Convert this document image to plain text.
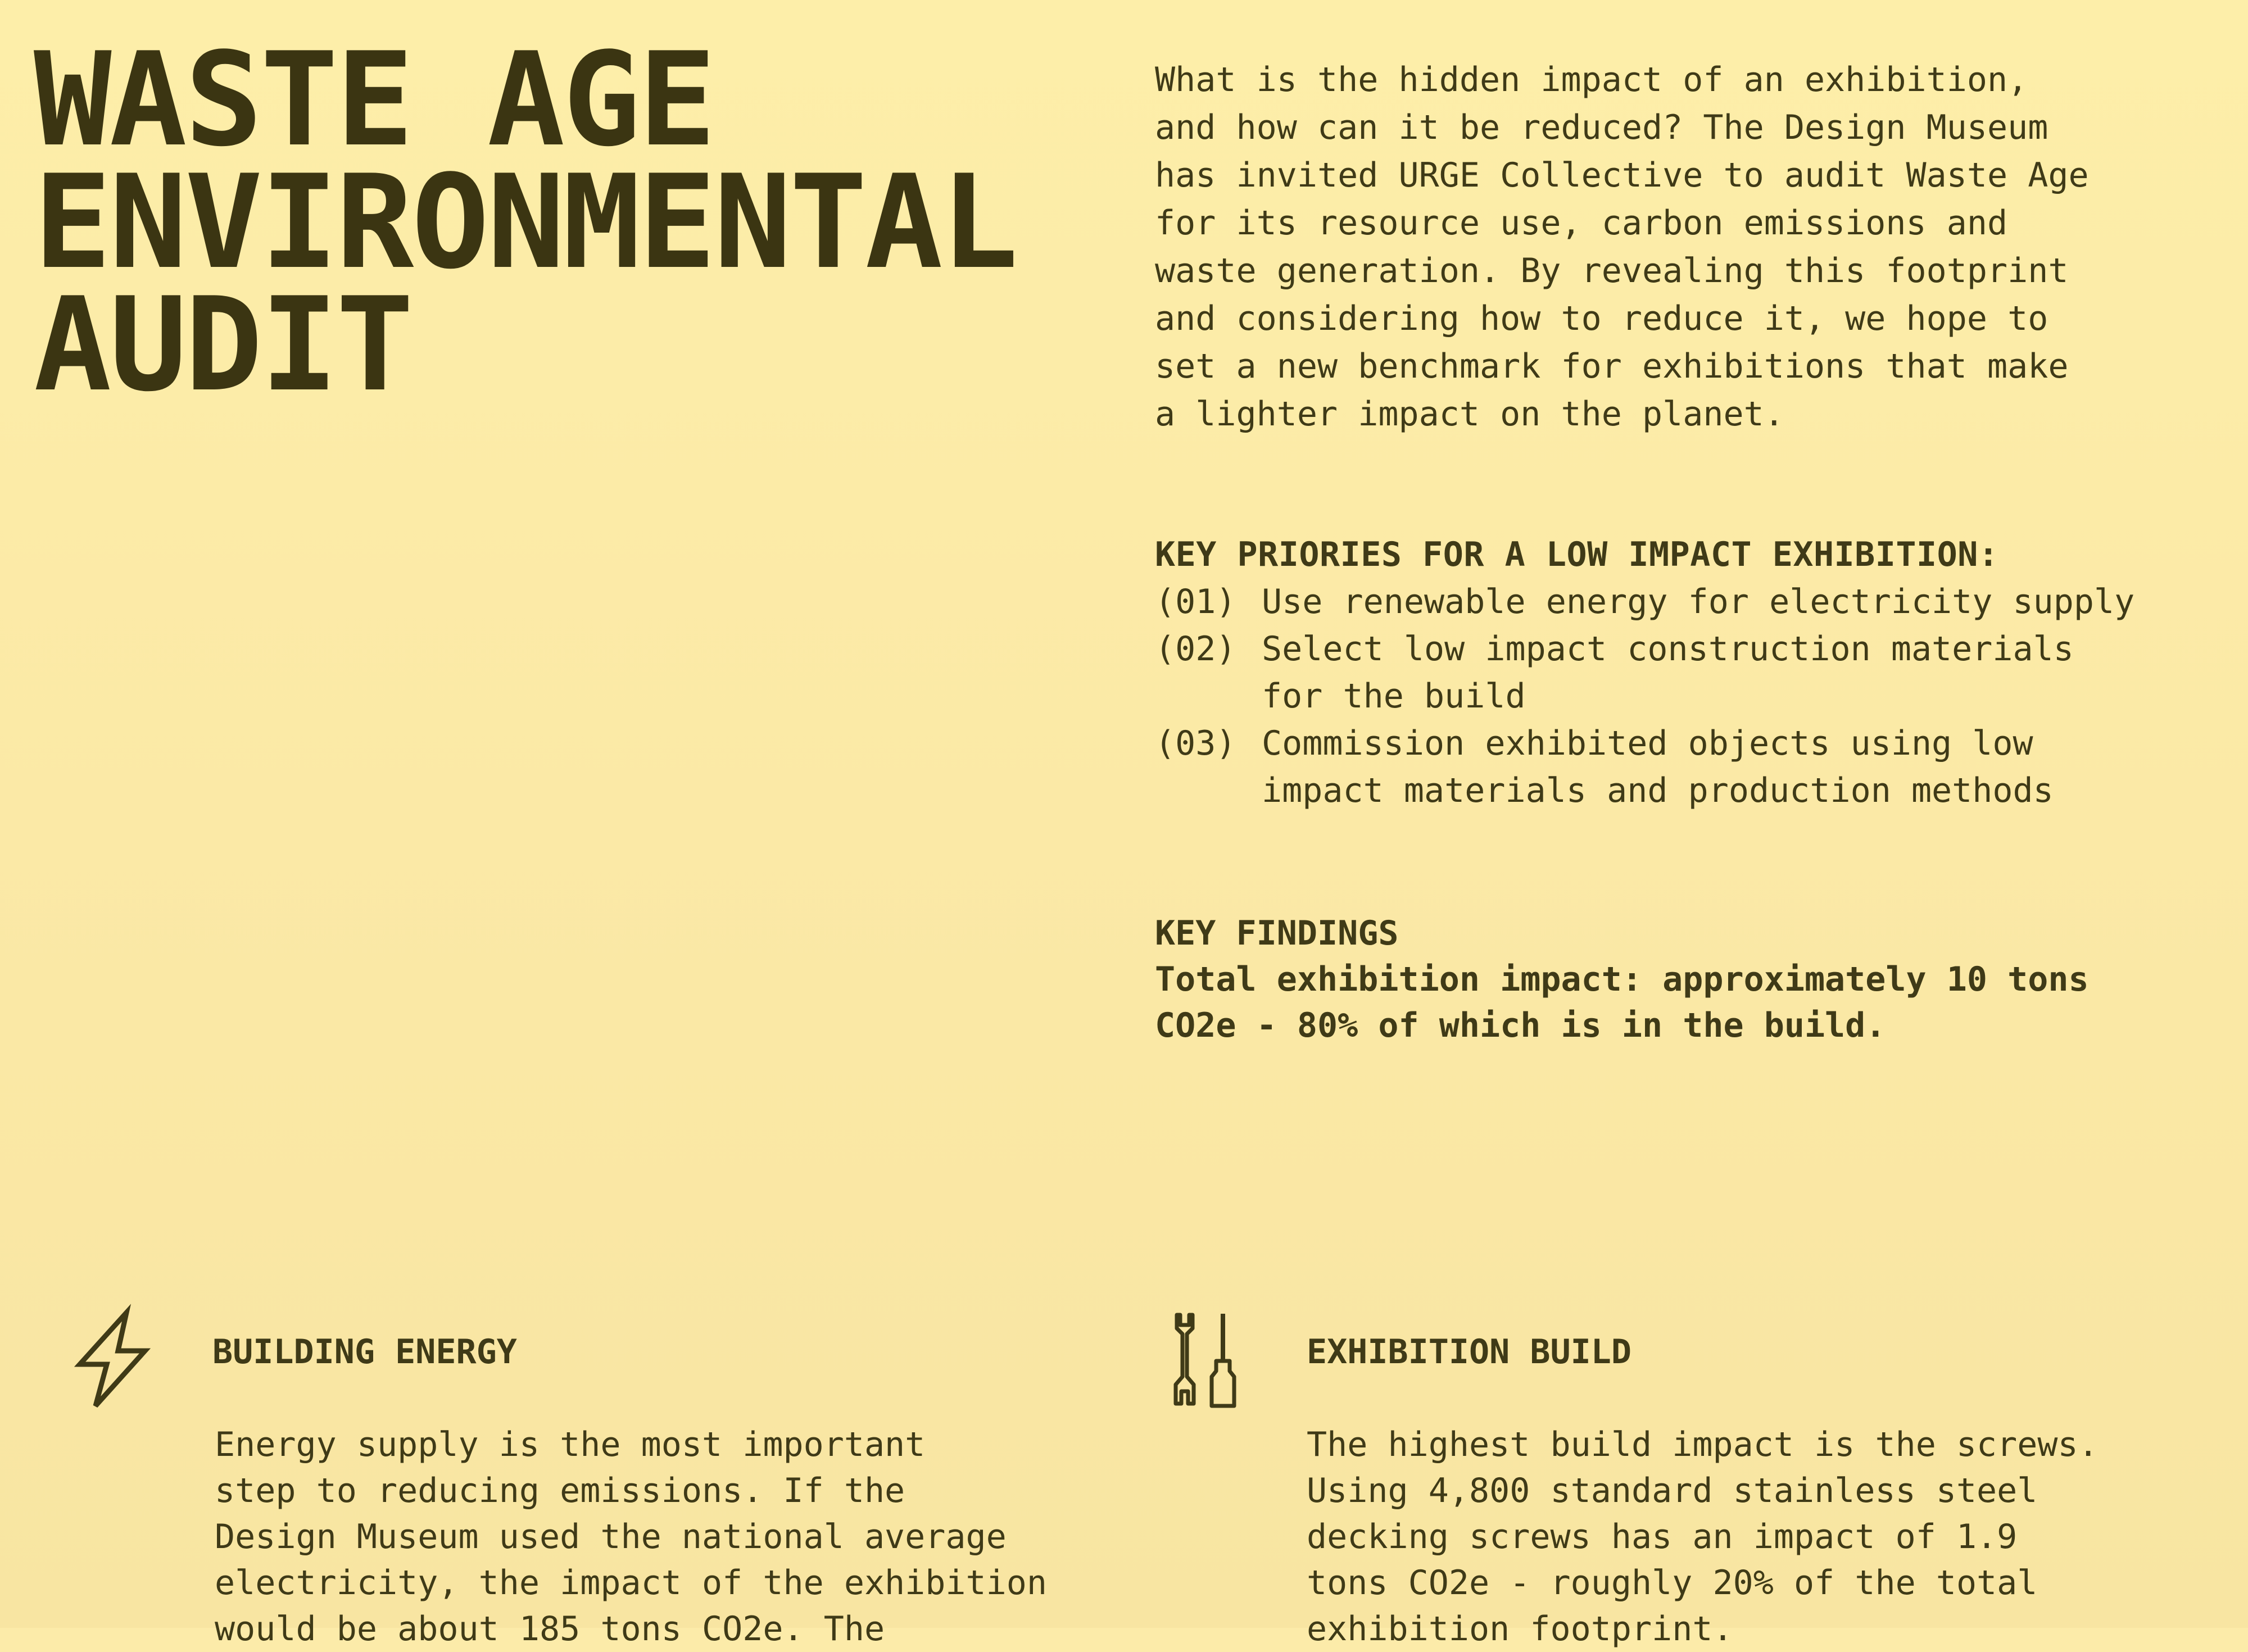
WASTE AGE
ENVIRONMENTAL
AUDIT

What is the hidden impact of an exhibition,
and how can it be reduced? The Design Museum
has invited URGE Collective to audit Waste Age
for its resource use, carbon emissions and
waste generation. By revealing this footprint
and considering how to reduce it, we hope to
set a new benchmark for exhibitions that make
a lighter impact on the planet.

KEY PRIORIES FOR A LOW IMPACT EXHIBITION:
(01) Use renewable energy for electricity supply
(02) Select low impact construction materials
for the build
(03) Commission exhibited objects using low
impact materials and production methods
KEY FINDINGS

Total exhibition impact: approximately 10 tons
CO2e - 80% of which is in the build.

BUILDING ENERGY

Energy supply is the most important
step to reducing emissions. If the
Design Museum used the national average
electricity, the impact of the exhibition
would be about 185 tons CO2e. The

EXHIBITION BUILD

The highest build impact is the screws.
Using 4,800 standard stainless steel
decking screws has an impact of 1.9
tons CO2e - roughly 20% of the total
exhibition footprint.
